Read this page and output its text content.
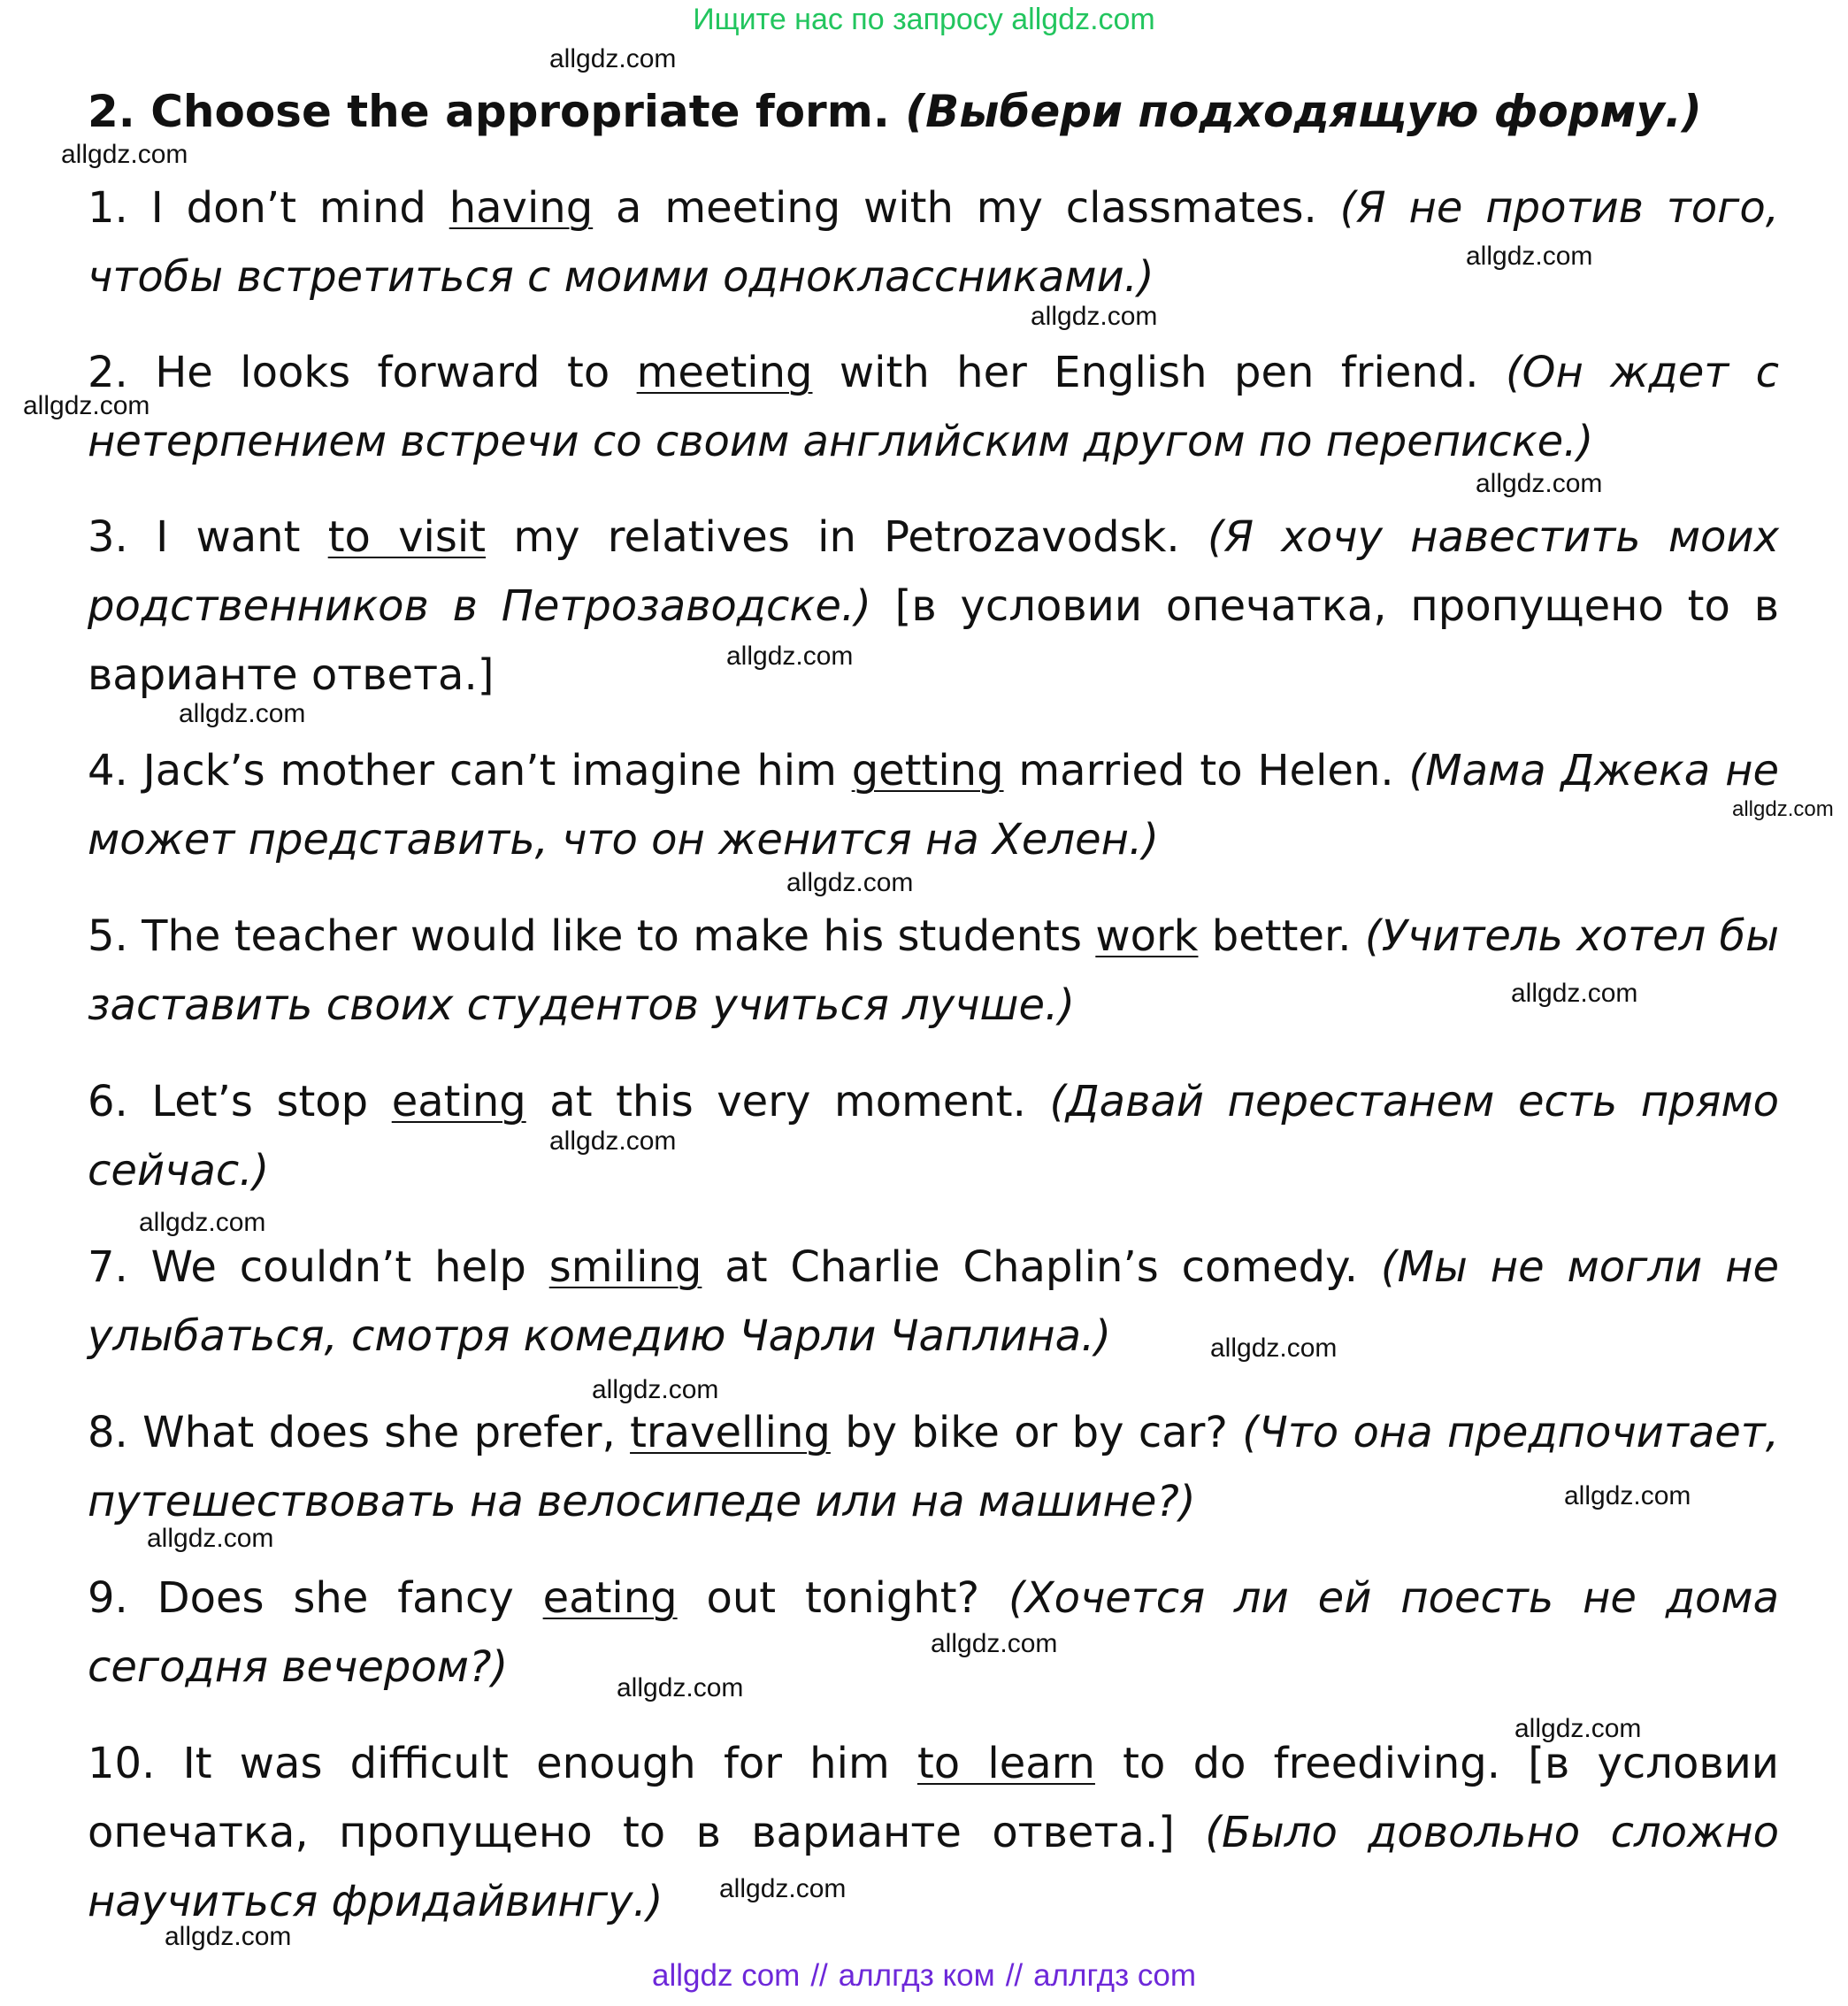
Ищите нас по запросу allgdz.com
2. Choose the appropriate form. (Выбери подходящую форму.)
1. I don’t mind having a meeting with my classmates. (Я не против того, чтобы встретиться с моими одноклассниками.)
2. He looks forward to meeting with her English pen friend. (Он ждет с нетерпением встречи со своим английским другом по переписке.)
3. I want to visit my relatives in Petrozavodsk. (Я хочу навестить моих родственников в Петрозаводске.) [в условии опечатка, пропущено to в варианте ответа.]
4. Jack’s mother can’t imagine him getting married to Helen. (Мама Джека не может представить, что он женится на Хелен.)
5. The teacher would like to make his students work better. (Учитель хотел бы заставить своих студентов учиться лучше.)
6. Let’s stop eating at this very moment. (Давай перестанем есть прямо сейчас.)
7. We couldn’t help smiling at Charlie Chaplin’s comedy. (Мы не могли не улыбаться, смотря комедию Чарли Чаплина.)
8. What does she prefer, travelling by bike or by car? (Что она предпочитает, путешествовать на велосипеде или на машине?)
9. Does she fancy eating out tonight? (Хочется ли ей поесть не дома сегодня вечером?)
10. It was difficult enough for him to learn to do freediving. [в условии опечатка, пропущено to в варианте ответа.] (Было довольно сложно научиться фридайвингу.)
allgdz.com
allgdz.com
allgdz.com
allgdz.com
allgdz.com
allgdz.com
allgdz.com
allgdz.com
allgdz.com
allgdz.com
allgdz.com
allgdz.com
allgdz.com
allgdz.com
allgdz.com
allgdz.com
allgdz.com
allgdz.com
allgdz.com
allgdz.com
allgdz.com
allgdz.com
allgdz com // аллгдз ком // аллгдз com
